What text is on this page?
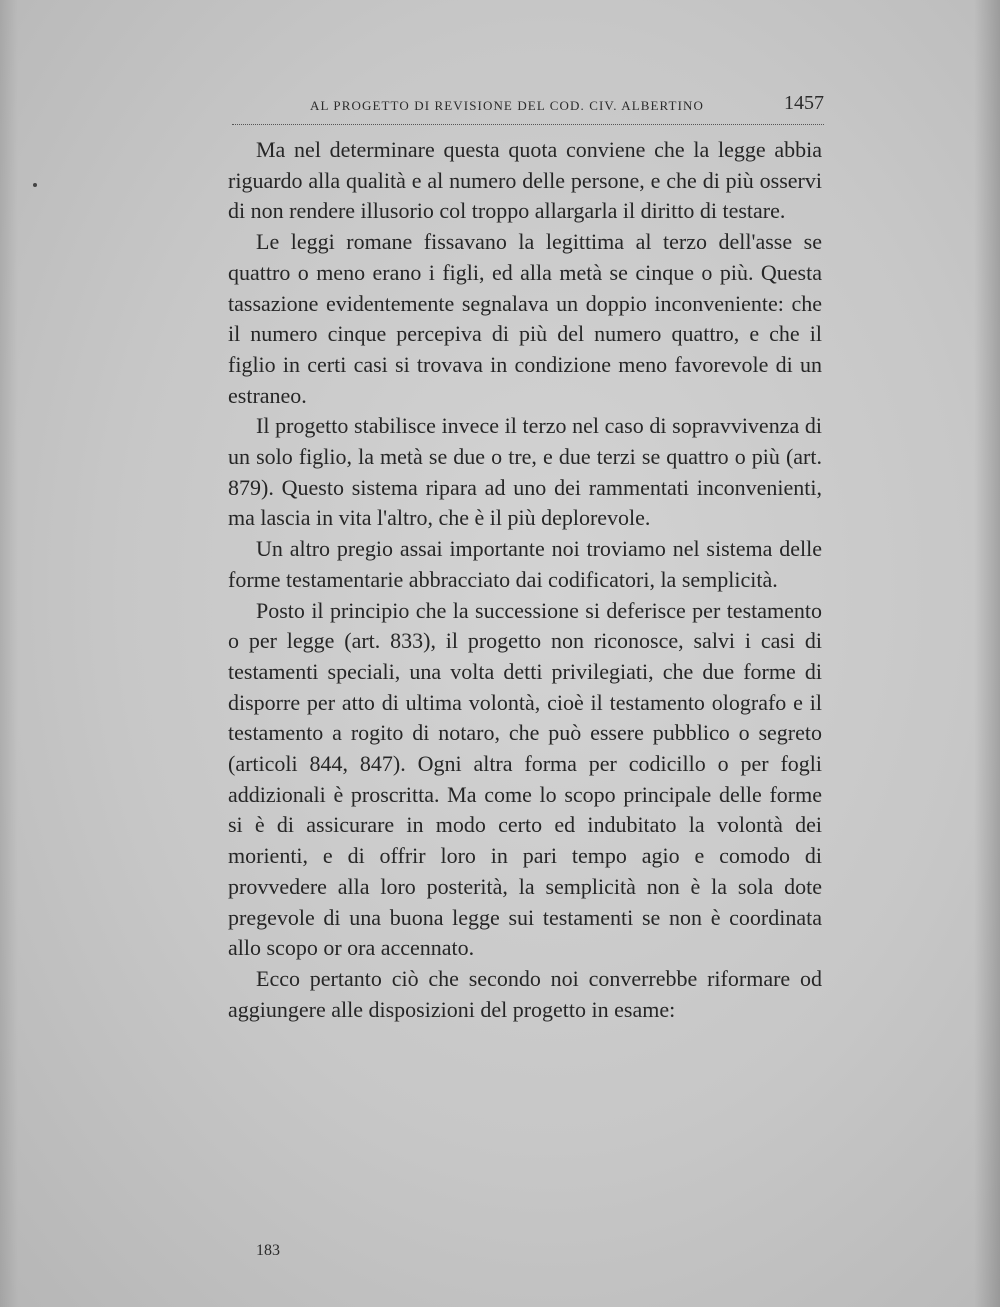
AL PROGETTO DI REVISIONE DEL COD. CIV. ALBERTINO	1457

Ma nel determinare questa quota conviene che la legge abbia riguardo alla qualità e al numero delle persone, e che di più osservi di non rendere illusorio col troppo allargarla il diritto di testare.

Le leggi romane fissavano la legittima al terzo dell'asse se quattro o meno erano i figli, ed alla metà se cinque o più. Questa tassazione evidentemente segnalava un doppio inconveniente: che il numero cinque percepiva di più del numero quattro, e che il figlio in certi casi si trovava in condizione meno favorevole di un estraneo.

Il progetto stabilisce invece il terzo nel caso di sopravvivenza di un solo figlio, la metà se due o tre, e due terzi se quattro o più (art. 879). Questo sistema ripara ad uno dei rammentati inconvenienti, ma lascia in vita l'altro, che è il più deplorevole.

Un altro pregio assai importante noi troviamo nel sistema delle forme testamentarie abbracciato dai codificatori, la semplicità.

Posto il principio che la successione si deferisce per testamento o per legge (art. 833), il progetto non riconosce, salvi i casi di testamenti speciali, una volta detti privilegiati, che due forme di disporre per atto di ultima volontà, cioè il testamento olografo e il testamento a rogito di notaro, che può essere pubblico o segreto (articoli 844, 847). Ogni altra forma per codicillo o per fogli addizionali è proscritta. Ma come lo scopo principale delle forme si è di assicurare in modo certo ed indubitato la volontà dei morienti, e di offrir loro in pari tempo agio e comodo di provvedere alla loro posterità, la semplicità non è la sola dote pregevole di una buona legge sui testamenti se non è coordinata allo scopo or ora accennato.

Ecco pertanto ciò che secondo noi converrebbe riformare od aggiungere alle disposizioni del progetto in esame:

183
